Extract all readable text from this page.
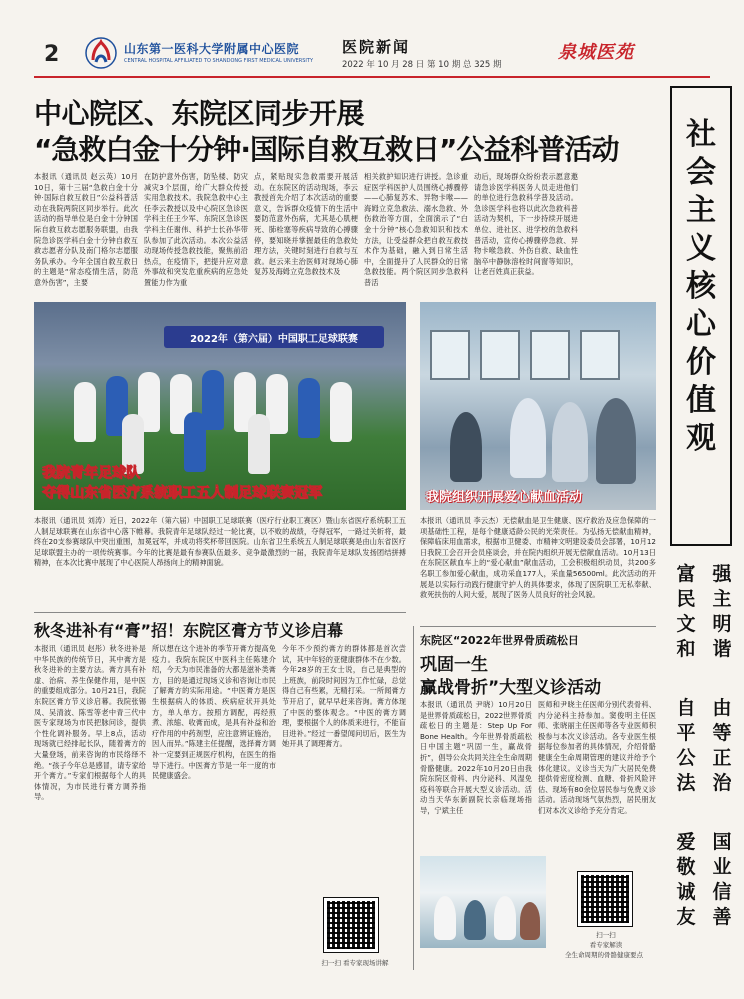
2	山东第一医科大学附属中心医院
CENTRAL HOSPITAL AFFILIATED TO SHANDONG FIRST MEDICAL UNIVERSITY
医院新闻
2022 年 10 月 28 日 第 10 期 总 325 期
泉城医苑
中心院区、东院区同步开展
“急救白金十分钟·国际自救互救日”公益科普活动
本报讯（通讯员 赵云英）10月10日，第十三届“急救白金十分钟·国际自救互救日”公益科普活动在我院两院区同步举行。此次活动的指导单位是白金十分钟国际自救互救志愿服务联盟，由我院急诊医学科白金十分钟自救互救志愿者分队及南门格尔志愿服务队承办。今年全国自救互救日的主题是“常态疫情生活，防范意外伤害”，主要
在防护意外伤害，防坠楼、防灾减灾3个层面，给广大群众传授实用急救技术。我院急救中心主任李云教授以及中心院区急诊医学科主任王少军、东院区急诊医学科主任谢伟、科护士长孙华带队参加了此次活动。本次公益活动现场传授急救技能，聚焦前沿热点，在疫情下，把提升应对意外事故和突发危重疾病的应急处置能力作为重
点，紧贴现实急救需要开展活动。在东院区的活动现场，李云教授首先介绍了本次活动的重要意义，告诉群众疫情下的生活中要防范意外伤病，尤其是心肌梗死、肺栓塞等疾病导致的心搏骤停，要知晓并掌握最佳的急救处理方法，关键时刻进行自救与互救。赵云来主治医师对现场心肺复苏及海姆立克急救技术及
相关救护知识进行讲授。急诊重症医学科医护人员围绕心搏骤停——心肺复苏术、异物卡喉——海姆立克急救法、溺水急救、外伤救治等方面，全面演示了“白金十分钟”核心急救知识和技术方法，让受益群众把自救互救技术作为基础，融入到日常生活中，全面提升了人民群众的日常急救技能。两个院区同步急救科普活
动后，现场群众纷纷表示愿意邀请急诊医学科医务人员走进他们的单位进行急救科学普及活动。急诊医学科也将以此次急救科普活动为契机，下一步持续开展进单位、进社区、进学校的急救科普活动，宣传心搏骤停急救、异物卡喉急救、外伤自救、缺血性脑卒中静脉溶栓时间窗等知识，让老百姓真正获益。
2022年（第六届）中国职工足球联赛
我院青年足球队
夺得山东省医疗系统职工五人制足球联赛冠军	我院组织开展爱心献血活动
本报讯（通讯员 刘涛）近日，2022年（第六届）中国职工足球联赛（医疗行业职工赛区）暨山东省医疗系统职工五人制足球联赛在山东省中心落下帷幕。我院青年足球队经过一轮比赛，以不败的战绩，夺得冠军，一路过关斩将，最终在20支参赛球队中突出重围，加冕冠军，并成功将奖杯带回医院。山东省卫生系统五人制足球联赛是由山东省医疗足球联盟主办的一项传统赛事。今年的比赛是最有参赛队伍最多、竞争最激烈的一届，我院青年足球队发扬团结拼搏精神，在本次比赛中展现了中心医院人昂扬向上的精神面貌。
本报讯（通讯员 李云杰）无偿献血是卫生健康、医疗救治及应急保障的一项基础性工程，是每个健康适龄公民的光荣责任。为弘扬无偿献血精神，保障临床用血需求，根据市卫健委、市精神文明建设委员会部署，10月12日我院工会召开会员座谈会，并在院内组织开展无偿献血活动。10月13日在东院区献血车上的“爱心献血”献血活动，工会积极组织动员，共200多名职工参加爱心献血，成功采血177人，采血量56500ml。此次活动的开展是以实际行动践行健康守护人的具体要求，体现了医院职工无私奉献、救死扶伤的人间大爱，展现了医务人员良好的社会风貌。
秋冬进补有“膏”招！东院区膏方节义诊启幕
本报讯（通讯员 赵彤）秋冬进补是中华民族的传统节日，其中膏方是秋冬进补的主要方法。膏方具有补虚、治病、养生保健作用，是中医的重要组成部分。10月21日，我院东院区膏方节义诊启幕。我院张锡凤、吴清波、陈雪等老中青三代中医专家现场为市民把脉问诊，提供个性化调补服务。早上8点，活动现场就已经排起长队，随着膏方的大量登场，前来咨询的市民络绎不绝。“孩子今年总是感冒，请专家给开个膏方。”专家们根据每个人的具体情况，为市民进行膏方调养指导。
所以想在这个进补的季节开膏方提高免疫力。我院东院区中医科主任陈建介绍，今天为市民准备的大都是滋补类膏方，目的是通过现场义诊和咨询让市民了解膏方的实际用途。“中医膏方是医生根据病人的体质、疾病症状开具处方，单人单方。按照方调配，再经煎煮、浓缩、收膏而成，是具有补益和治疗作用的中药剂型，应注意辨证施治，因人而异。”陈建主任提醒，选择膏方调补一定要到正规医疗机构，在医生的指导下进行。中医膏方节是一年一度的市民健康盛会。
今年不少预约膏方的群体都是首次尝试，其中年轻的亚健康群体不在少数。今年28岁的王女士说，自己是典型的上班族，前段时间因为工作忙碌，总觉得自己有些累，无精打采。一所闻膏方节开启了，就早早赶来咨询。膏方体现了中医的整体观念。“中医的膏方调理，要根据个人的体质来进行，不能盲目进补。”经过一番望闻问切后，医生为她开具了调理膏方。
扫一扫 看专家现场讲解
东院区“2022年世界骨质疏松日
巩固一生
赢战骨折”大型义诊活动
本报讯（通讯员 尹晓）10月20日是世界骨质疏松日，2022世界骨质疏松日的主题是：Step Up For Bone Health。今年世界骨质疏松日中国主题“巩固一生，赢战骨折”，倡导公众共同关注全生命周期骨骼健康。2022年10月20日由我院东院区骨科、内分泌科、风湿免疫科等联合开展大型义诊活动。活动当天华东新副院长亲临现场指导，宁斌主任
医师和尹晓主任医师分别代表骨科、内分泌科主持参加。窦俊明主任医师、张晓丽主任医师等各专业医师积极参与本次义诊活动。各专业医生根据每位参加者的具体情况，介绍骨骼健康全生命周期管理的建议并给予个体化建议。义诊当天为广大居民免费提供骨密度检测、血糖、骨折风险评估、现场有80余位居民参与免费义诊活动。活动现场气氛热烈，居民朋友们对本次义诊给予充分肯定。
扫一扫
看专家解读
全生命周期的骨骼健康要点
社
会
主
义
核
心
价
值
观
富
民
文
和
强
主
明
谐
自
平
公
法
由
等
正
治
爱
敬
诚
友
国
业
信
善
